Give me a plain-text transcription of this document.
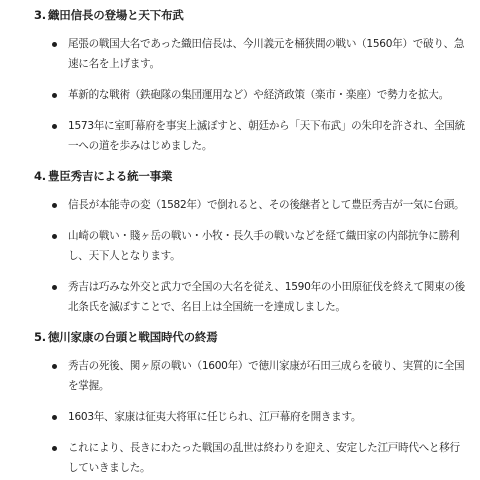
3. 織田信長の登場と天下布武
尾張の戦国大名であった織田信長は、今川義元を桶狭間の戦い（1560年）で破り、急速に名を上げます。
革新的な戦術（鉄砲隊の集団運用など）や経済政策（楽市・楽座）で勢力を拡大。
1573年に室町幕府を事実上滅ぼすと、朝廷から「天下布武」の朱印を許され、全国統一への道を歩みはじめました。
4. 豊臣秀吉による統一事業
信長が本能寺の変（1582年）で倒れると、その後継者として豊臣秀吉が一気に台頭。
山崎の戦い・賤ヶ岳の戦い・小牧・長久手の戦いなどを経て織田家の内部抗争に勝利し、天下人となります。
秀吉は巧みな外交と武力で全国の大名を従え、1590年の小田原征伐を終えて関東の後北条氏を滅ぼすことで、名目上は全国統一を達成しました。
5. 徳川家康の台頭と戦国時代の終焉
秀吉の死後、関ヶ原の戦い（1600年）で徳川家康が石田三成らを破り、実質的に全国を掌握。
1603年、家康は征夷大将軍に任じられ、江戸幕府を開きます。
これにより、長きにわたった戦国の乱世は終わりを迎え、安定した江戸時代へと移行していきました。
